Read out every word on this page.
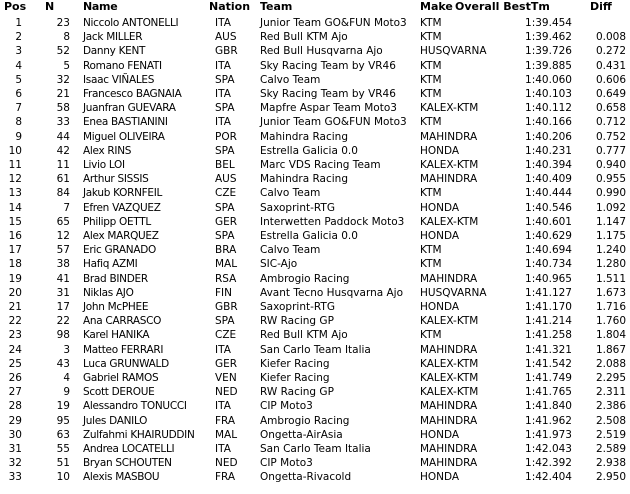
Pos	N	Name	Nation Team	Make Overall BestTm	Diff
1	23 Niccolo ANTONELLI	ITA	Junior Team GO&FUN Moto3	KTM	1:39.454
2	8 Jack MILLER	AUS	Red Bull KTM Ajo	KTM	1:39.462	0.008
3	52 Danny KENT	GBR	Red Bull Husqvarna Ajo	HUSQVARNA	1:39.726	0.272
4	5 Romano FENATI	ITA	Sky Racing Team by VR46	KTM	1:39.885	0.431
5	32 Isaac VIÑALES	SPA	Calvo Team	KTM	1:40.060	0.606
6	21 Francesco BAGNAIA	ITA	Sky Racing Team by VR46	KTM	1:40.103	0.649
7	58 Juanfran GUEVARA	SPA	Mapfre Aspar Team Moto3	KALEX-KTM	1:40.112	0.658
8	33 Enea BASTIANINI	ITA	Junior Team GO&FUN Moto3	KTM	1:40.166	0.712
9	44 Miguel OLIVEIRA	POR	Mahindra Racing	MAHINDRA	1:40.206	0.752
10	42 Alex RINS	SPA	Estrella Galicia 0.0	HONDA	1:40.231	0.777
11	11 Livio LOI	BEL	Marc VDS Racing Team	KALEX-KTM	1:40.394	0.940
12	61 Arthur SISSIS	AUS	Mahindra Racing	MAHINDRA	1:40.409	0.955
13	84 Jakub KORNFEIL	CZE	Calvo Team	KTM	1:40.444	0.990
14	7 Efren VAZQUEZ	SPA	Saxoprint-RTG	HONDA	1:40.546	1.092
15	65 Philipp OETTL	GER	Interwetten Paddock Moto3	KALEX-KTM	1:40.601	1.147
16	12 Alex MARQUEZ	SPA	Estrella Galicia 0.0	HONDA	1:40.629	1.175
17	57 Eric GRANADO	BRA	Calvo Team	KTM	1:40.694	1.240
18	38 Hafiq AZMI	MAL	SIC-Ajo	KTM	1:40.734	1.280
19	41 Brad BINDER	RSA	Ambrogio Racing	MAHINDRA	1:40.965	1.511
20	31 Niklas AJO	FIN	Avant Tecno Husqvarna Ajo	HUSQVARNA	1:41.127	1.673
21	17 John McPHEE	GBR	Saxoprint-RTG	HONDA	1:41.170	1.716
22	22 Ana CARRASCO	SPA	RW Racing GP	KALEX-KTM	1:41.214	1.760
23	98 Karel HANIKA	CZE	Red Bull KTM Ajo	KTM	1:41.258	1.804
24	3 Matteo FERRARI	ITA	San Carlo Team Italia	MAHINDRA	1:41.321	1.867
25	43 Luca GRUNWALD	GER	Kiefer Racing	KALEX-KTM	1:41.542	2.088
26	4 Gabriel RAMOS	VEN	Kiefer Racing	KALEX-KTM	1:41.749	2.295
27	9 Scott DEROUE	NED	RW Racing GP	KALEX-KTM	1:41.765	2.311
28	19 Alessandro TONUCCI	ITA	CIP Moto3	MAHINDRA	1:41.840	2.386
29	95 Jules DANILO	FRA	Ambrogio Racing	MAHINDRA	1:41.962	2.508
30	63 Zulfahmi KHAIRUDDIN	MAL	Ongetta-AirAsia	HONDA	1:41.973	2.519
31	55 Andrea LOCATELLI	ITA	San Carlo Team Italia	MAHINDRA	1:42.043	2.589
32	51 Bryan SCHOUTEN	NED	CIP Moto3	MAHINDRA	1:42.392	2.938
33	10 Alexis MASBOU	FRA	Ongetta-Rivacold	HONDA	1:42.404	2.950
